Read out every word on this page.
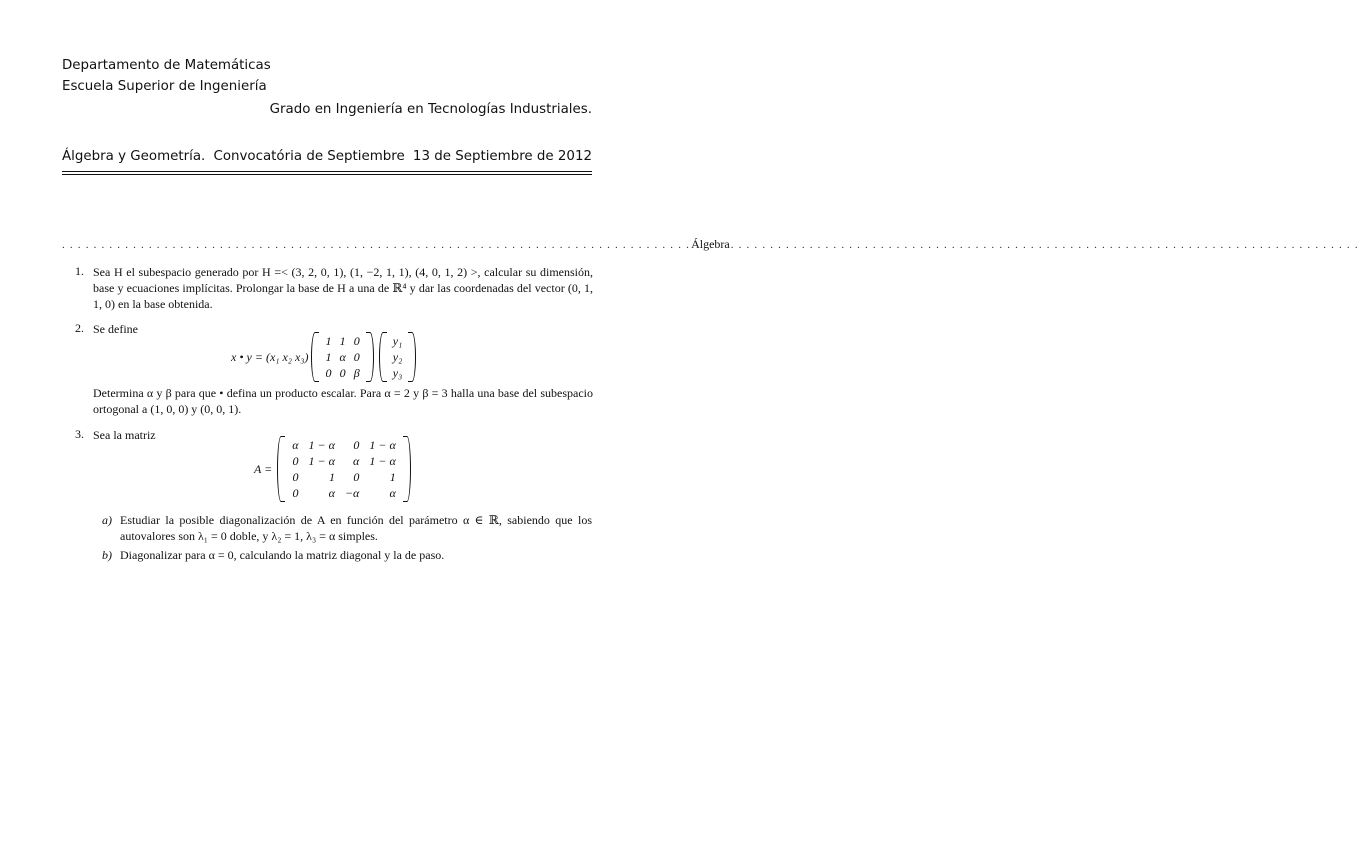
Departamento de Matemáticas
Escuela Superior de Ingeniería
Grado en Ingeniería en Tecnologías Industriales.
Álgebra y Geometría. Convocatória de Septiembre 13 de Septiembre de 2012
. . . . . . . . . . . . . . . . . . . . . . . . . . . . . . . . . . . . . . . . . . . . . . . . . . . . . . . . . . . . . . . . . . . . . . . . . . . . . . . . Álgebra . . . . . . . . . . . . . . . . . . . . . . . . . . . . . . . . . . . . . . . . . . . . . . . . . . . . . . . . . . . . . . . . . . . . . . . . . . . . . . . .
1. Sea H el subespacio generado por H =< (3, 2, 0, 1), (1, −2, 1, 1), (4, 0, 1, 2) >, calcular su dimensión, base y ecuaciones implícitas. Prolongar la base de H a una de ℝ⁴ y dar las coordenadas del vector (0, 1, 1, 0) en la base obtenida.
2. Se define
x • y = (x₁ x₂ x₃)
1	1	0
1	α	0
0	0	β
y₁
y₂
y₃
Determina α y β para que • defina un producto escalar. Para α = 2 y β = 3 halla una base del subespacio ortogonal a (1, 0, 0) y (0, 0, 1).
3. Sea la matriz
A =
α	1 − α	0	1 − α
0	1 − α	α	1 − α
0	1	0	1
0	α	−α	α
a) Estudiar la posible diagonalización de A en función del parámetro α ∈ ℝ, sabiendo que los autovalores son λ₁ = 0 doble, y λ₂ = 1, λ₃ = α simples.
b) Diagonalizar para α = 0, calculando la matriz diagonal y la de paso.
